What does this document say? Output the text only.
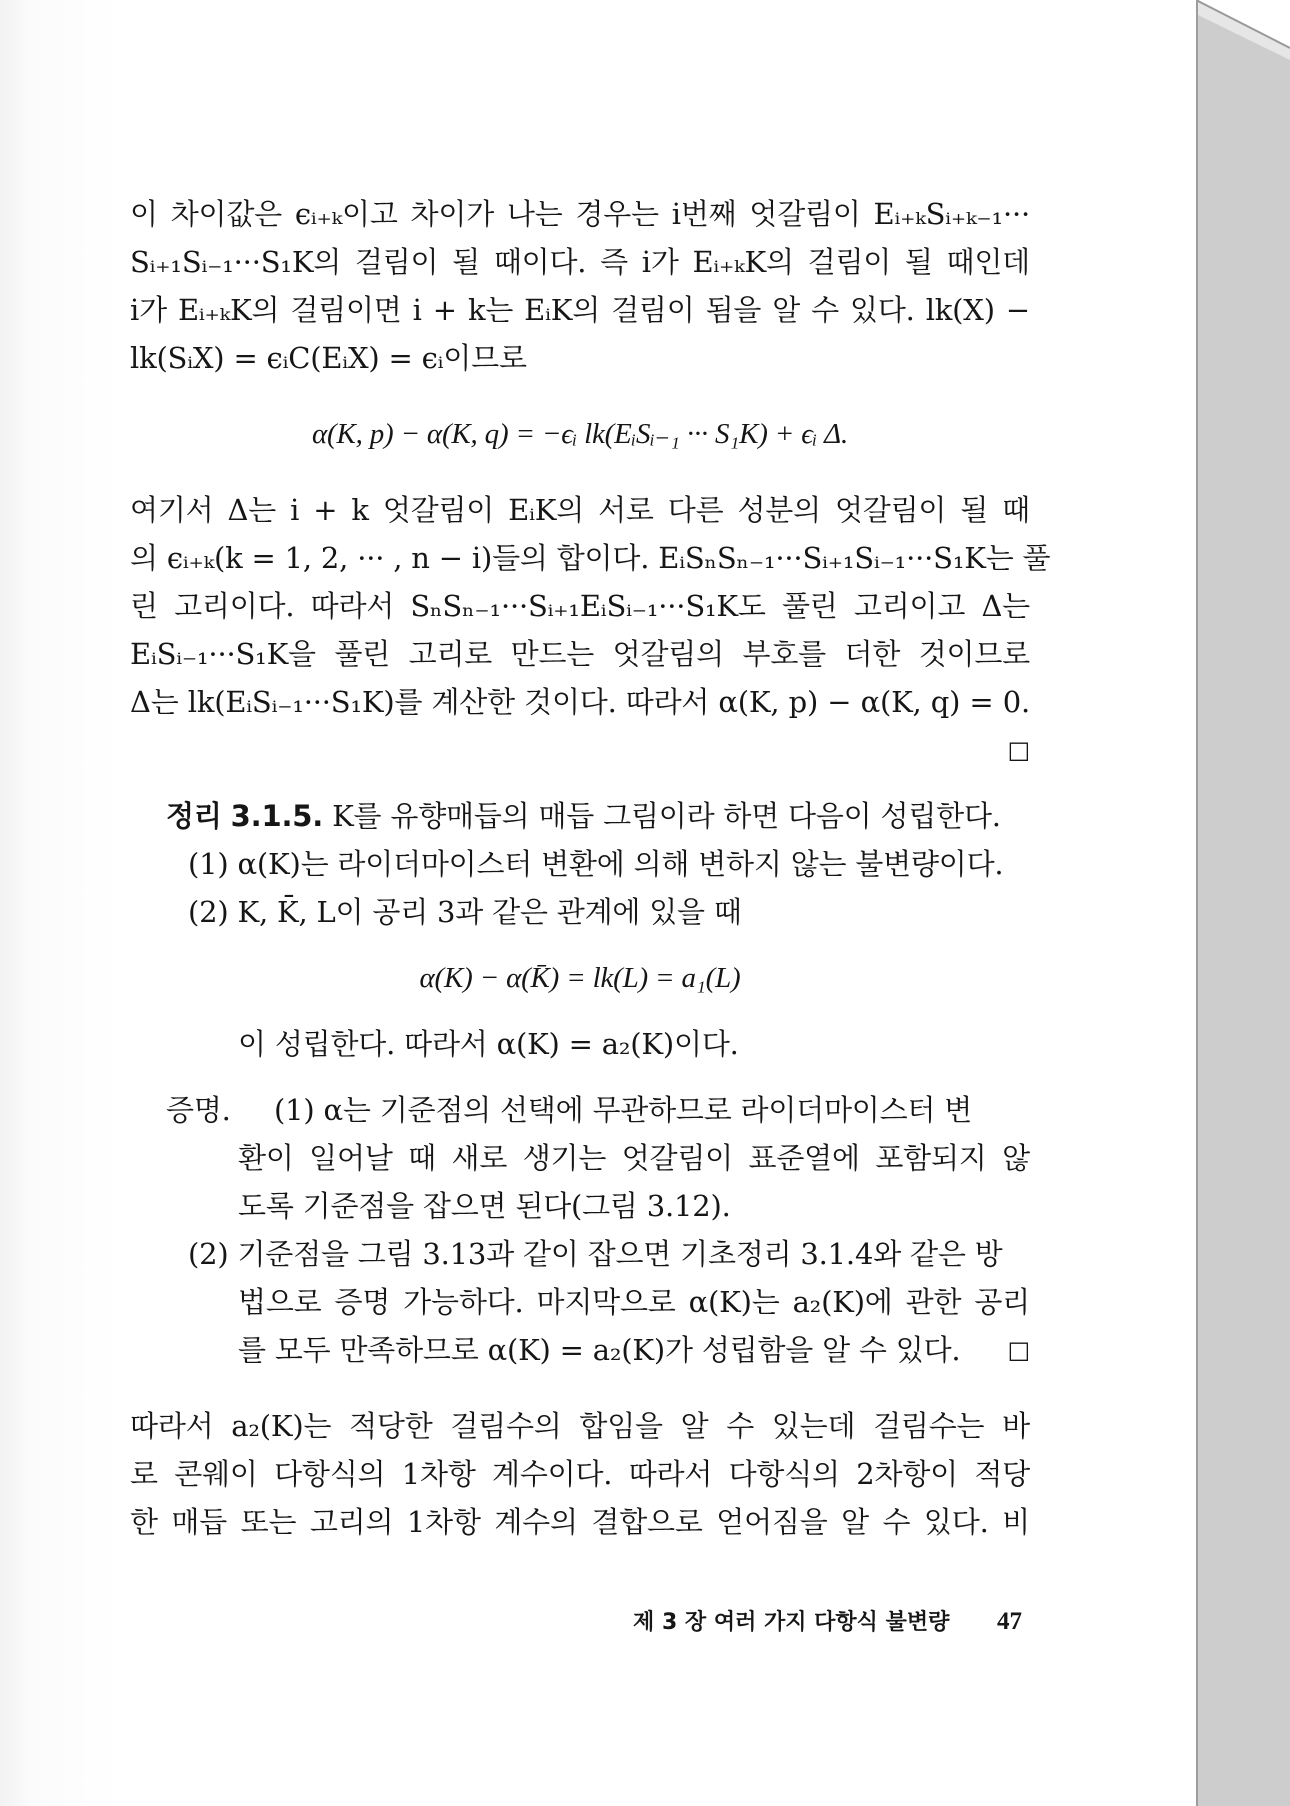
이 차이값은 ϵᵢ₊ₖ이고 차이가 나는 경우는 i번째 엇갈림이 Eᵢ₊ₖSᵢ₊ₖ₋₁···
Sᵢ₊₁Sᵢ₋₁···S₁K의 걸림이 될 때이다. 즉 i가 Eᵢ₊ₖK의 걸림이 될 때인데
i가 Eᵢ₊ₖK의 걸림이면 i + k는 EᵢK의 걸림이 됨을 알 수 있다. lk(X) −
lk(SᵢX) = ϵᵢC(EᵢX) = ϵᵢ이므로
α(K, p) − α(K, q) = −ϵᵢ lk(EᵢSᵢ₋₁ ··· S₁K) + ϵᵢ Δ.
여기서 Δ는 i + k 엇갈림이 EᵢK의 서로 다른 성분의 엇갈림이 될 때
의 ϵᵢ₊ₖ(k = 1, 2, ··· , n − i)들의 합이다. EᵢSₙSₙ₋₁···Sᵢ₊₁Sᵢ₋₁···S₁K는 풀
린 고리이다. 따라서 SₙSₙ₋₁···Sᵢ₊₁EᵢSᵢ₋₁···S₁K도 풀린 고리이고 Δ는
EᵢSᵢ₋₁···S₁K을 풀린 고리로 만드는 엇갈림의 부호를 더한 것이므로
Δ는 lk(EᵢSᵢ₋₁···S₁K)를 계산한 것이다. 따라서 α(K, p) − α(K, q) = 0.
□
정리 3.1.5. K를 유향매듭의 매듭 그림이라 하면 다음이 성립한다.
(1) α(K)는 라이더마이스터 변환에 의해 변하지 않는 불변량이다.
(2) K, K̄, L이 공리 3과 같은 관계에 있을 때
α(K) − α(K̄) = lk(L) = a₁(L)
이 성립한다. 따라서 α(K) = a₂(K)이다.
증명.	(1) α는 기준점의 선택에 무관하므로 라이더마이스터 변
환이 일어날 때 새로 생기는 엇갈림이 표준열에 포함되지 않
도록 기준점을 잡으면 된다(그림 3.12).
(2) 기준점을 그림 3.13과 같이 잡으면 기초정리 3.1.4와 같은 방
법으로 증명 가능하다. 마지막으로 α(K)는 a₂(K)에 관한 공리
를 모두 만족하므로 α(K) = a₂(K)가 성립함을 알 수 있다. □
따라서 a₂(K)는 적당한 걸림수의 합임을 알 수 있는데 걸림수는 바
로 콘웨이 다항식의 1차항 계수이다. 따라서 다항식의 2차항이 적당
한 매듭 또는 고리의 1차항 계수의 결합으로 얻어짐을 알 수 있다. 비
제 3 장 여러 가지 다항식 불변량 47
